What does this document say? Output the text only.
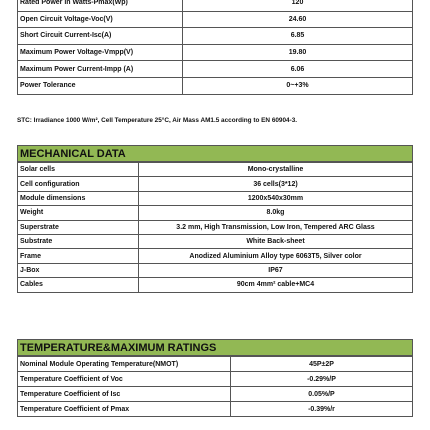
Rated Power in Watts-Pmax(Wp)	120
Open Circuit Voltage-Voc(V)	24.60
Short Circuit Current-Isc(A)	6.85
Maximum Power Voltage-Vmpp(V)	19.80
Maximum Power Current-Impp (A)	6.06
Power Tolerance	0~+3%
STC: Irradiance 1000 W/m², Cell Temperature 25°C, Air Mass AM1.5 according to EN 60904-3.
MECHANICAL DATA
Solar cells	Mono-crystalline
Cell configuration	36 cells(3*12)
Module dimensions	1200x540x30mm
Weight	8.0kg
Superstrate	3.2 mm, High Transmission, Low Iron, Tempered ARC Glass
Substrate	White Back-sheet
Frame	Anodized Aluminium Alloy type 6063T5, Silver color
J-Box	IP67
Cables	90cm 4mm² cable+MC4
TEMPERATURE&MAXIMUM RATINGS
Nominal Module Operating Temperature(NMOT)	45P±2P
Temperature Coefficient of Voc	-0.29%/P
Temperature Coefficient of Isc	0.05%/P
Temperature Coefficient of Pmax	-0.39%/r
